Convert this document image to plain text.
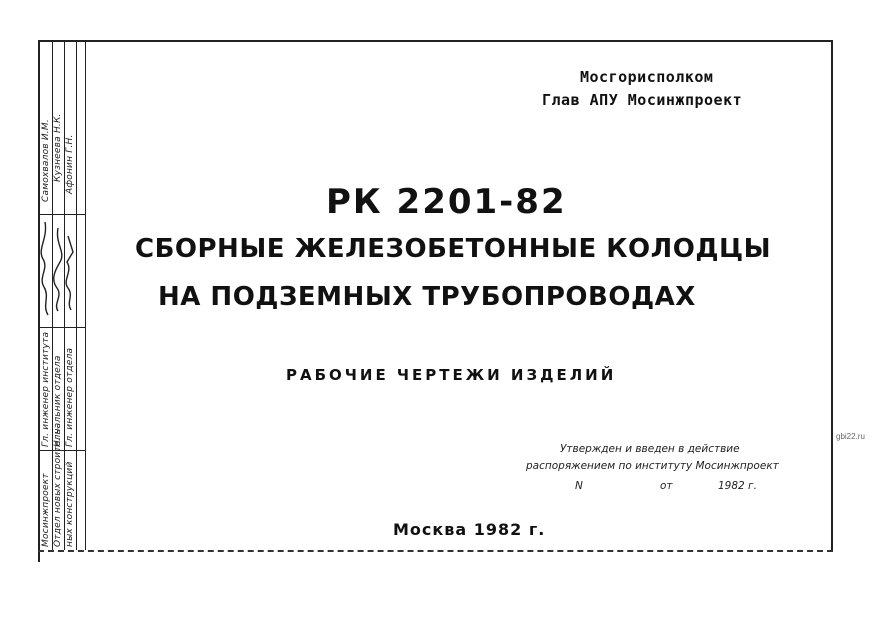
Самохвалов И.М. Кузнеева Н.К. Афонин Г.Н.
Гл. инженер института Н. чальник отдела Гл. инженер отдела
Мосинжпроект Отдел новых строитель- ных конструкций
Мосгорисполком
Глав АПУ Мосинжпроект
РК 2201-82
СБОРНЫЕ ЖЕЛЕЗОБЕТОННЫЕ КОЛОДЦЫ
НА ПОДЗЕМНЫХ ТРУБОПРОВОДАХ
РАБОЧИЕ ЧЕРТЕЖИ ИЗДЕЛИЙ
Утвержден и введен в действие
распоряжением по институту Мосинжпроект
N	от	1982 г.
Москва 1982 г.
gbi22.ru
